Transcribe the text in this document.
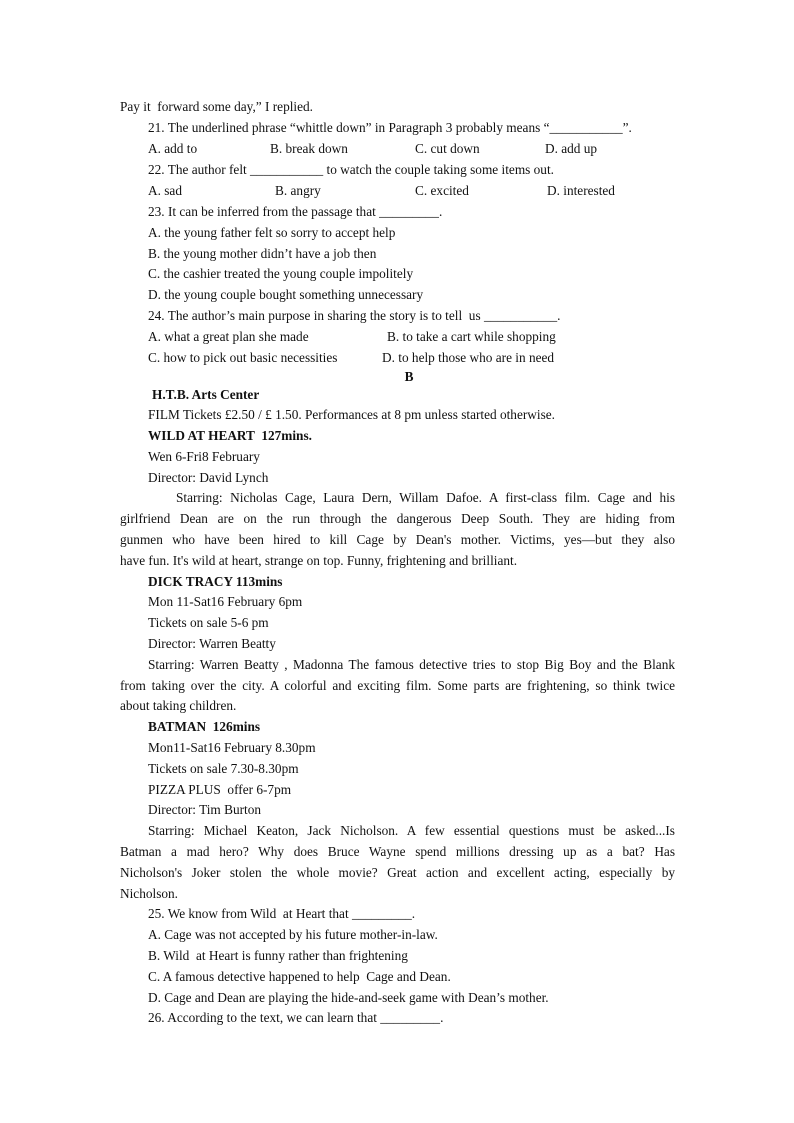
Pay it  forward some day,” I replied.
21. The underlined phrase “whittle down” in Paragraph 3 probably means “___________”.
A. add to	B. break down	C. cut down	D. add up
22. The author felt ___________ to watch the couple taking some items out.
A. sad	B. angry	C. excited	D. interested
23. It can be inferred from the passage that _________.
A. the young father felt so sorry to accept help
B. the young mother didn’t have a job then
C. the cashier treated the young couple impolitely
D. the young couple bought something unnecessary
24. The author’s main purpose in sharing the story is to tell  us ___________.
A. what a great plan she made	B. to take a cart while shopping
C. how to pick out basic necessities	D. to help those who are in need
B
H.T.B. Arts Center
FILM Tickets £2.50 / £ 1.50. Performances at 8 pm unless started otherwise.
WILD AT HEART  127mins.
Wen 6-Fri8 February
Director: David Lynch
Starring: Nicholas Cage, Laura Dern, Willam Dafoe. A first-class film. Cage and his
girlfriend Dean are on the run through the dangerous Deep South. They are hiding from
gunmen who have been hired to kill Cage by Dean's mother. Victims, yes—but they also
have fun. It's wild at heart, strange on top. Funny, frightening and brilliant.
DICK TRACY 113mins
Mon 11-Sat16 February 6pm
Tickets on sale 5-6 pm
Director: Warren Beatty
Starring: Warren Beatty , Madonna The famous detective tries to stop Big Boy and the Blank
from taking over the city. A colorful and exciting film. Some parts are frightening, so think twice
about taking children.
BATMAN  126mins
Mon11-Sat16 February 8.30pm
Tickets on sale 7.30-8.30pm
PIZZA PLUS  offer 6-7pm
Director: Tim Burton
Starring: Michael Keaton, Jack Nicholson. A few essential questions must be asked...Is
Batman a mad hero? Why does Bruce Wayne spend millions dressing up as a bat? Has
Nicholson's Joker stolen the whole movie? Great action and excellent acting, especially by
Nicholson.
25. We know from Wild  at Heart that _________.
A. Cage was not accepted by his future mother-in-law.
B. Wild  at Heart is funny rather than frightening
C. A famous detective happened to help  Cage and Dean.
D. Cage and Dean are playing the hide-and-seek game with Dean’s mother.
26. According to the text, we can learn that _________.
